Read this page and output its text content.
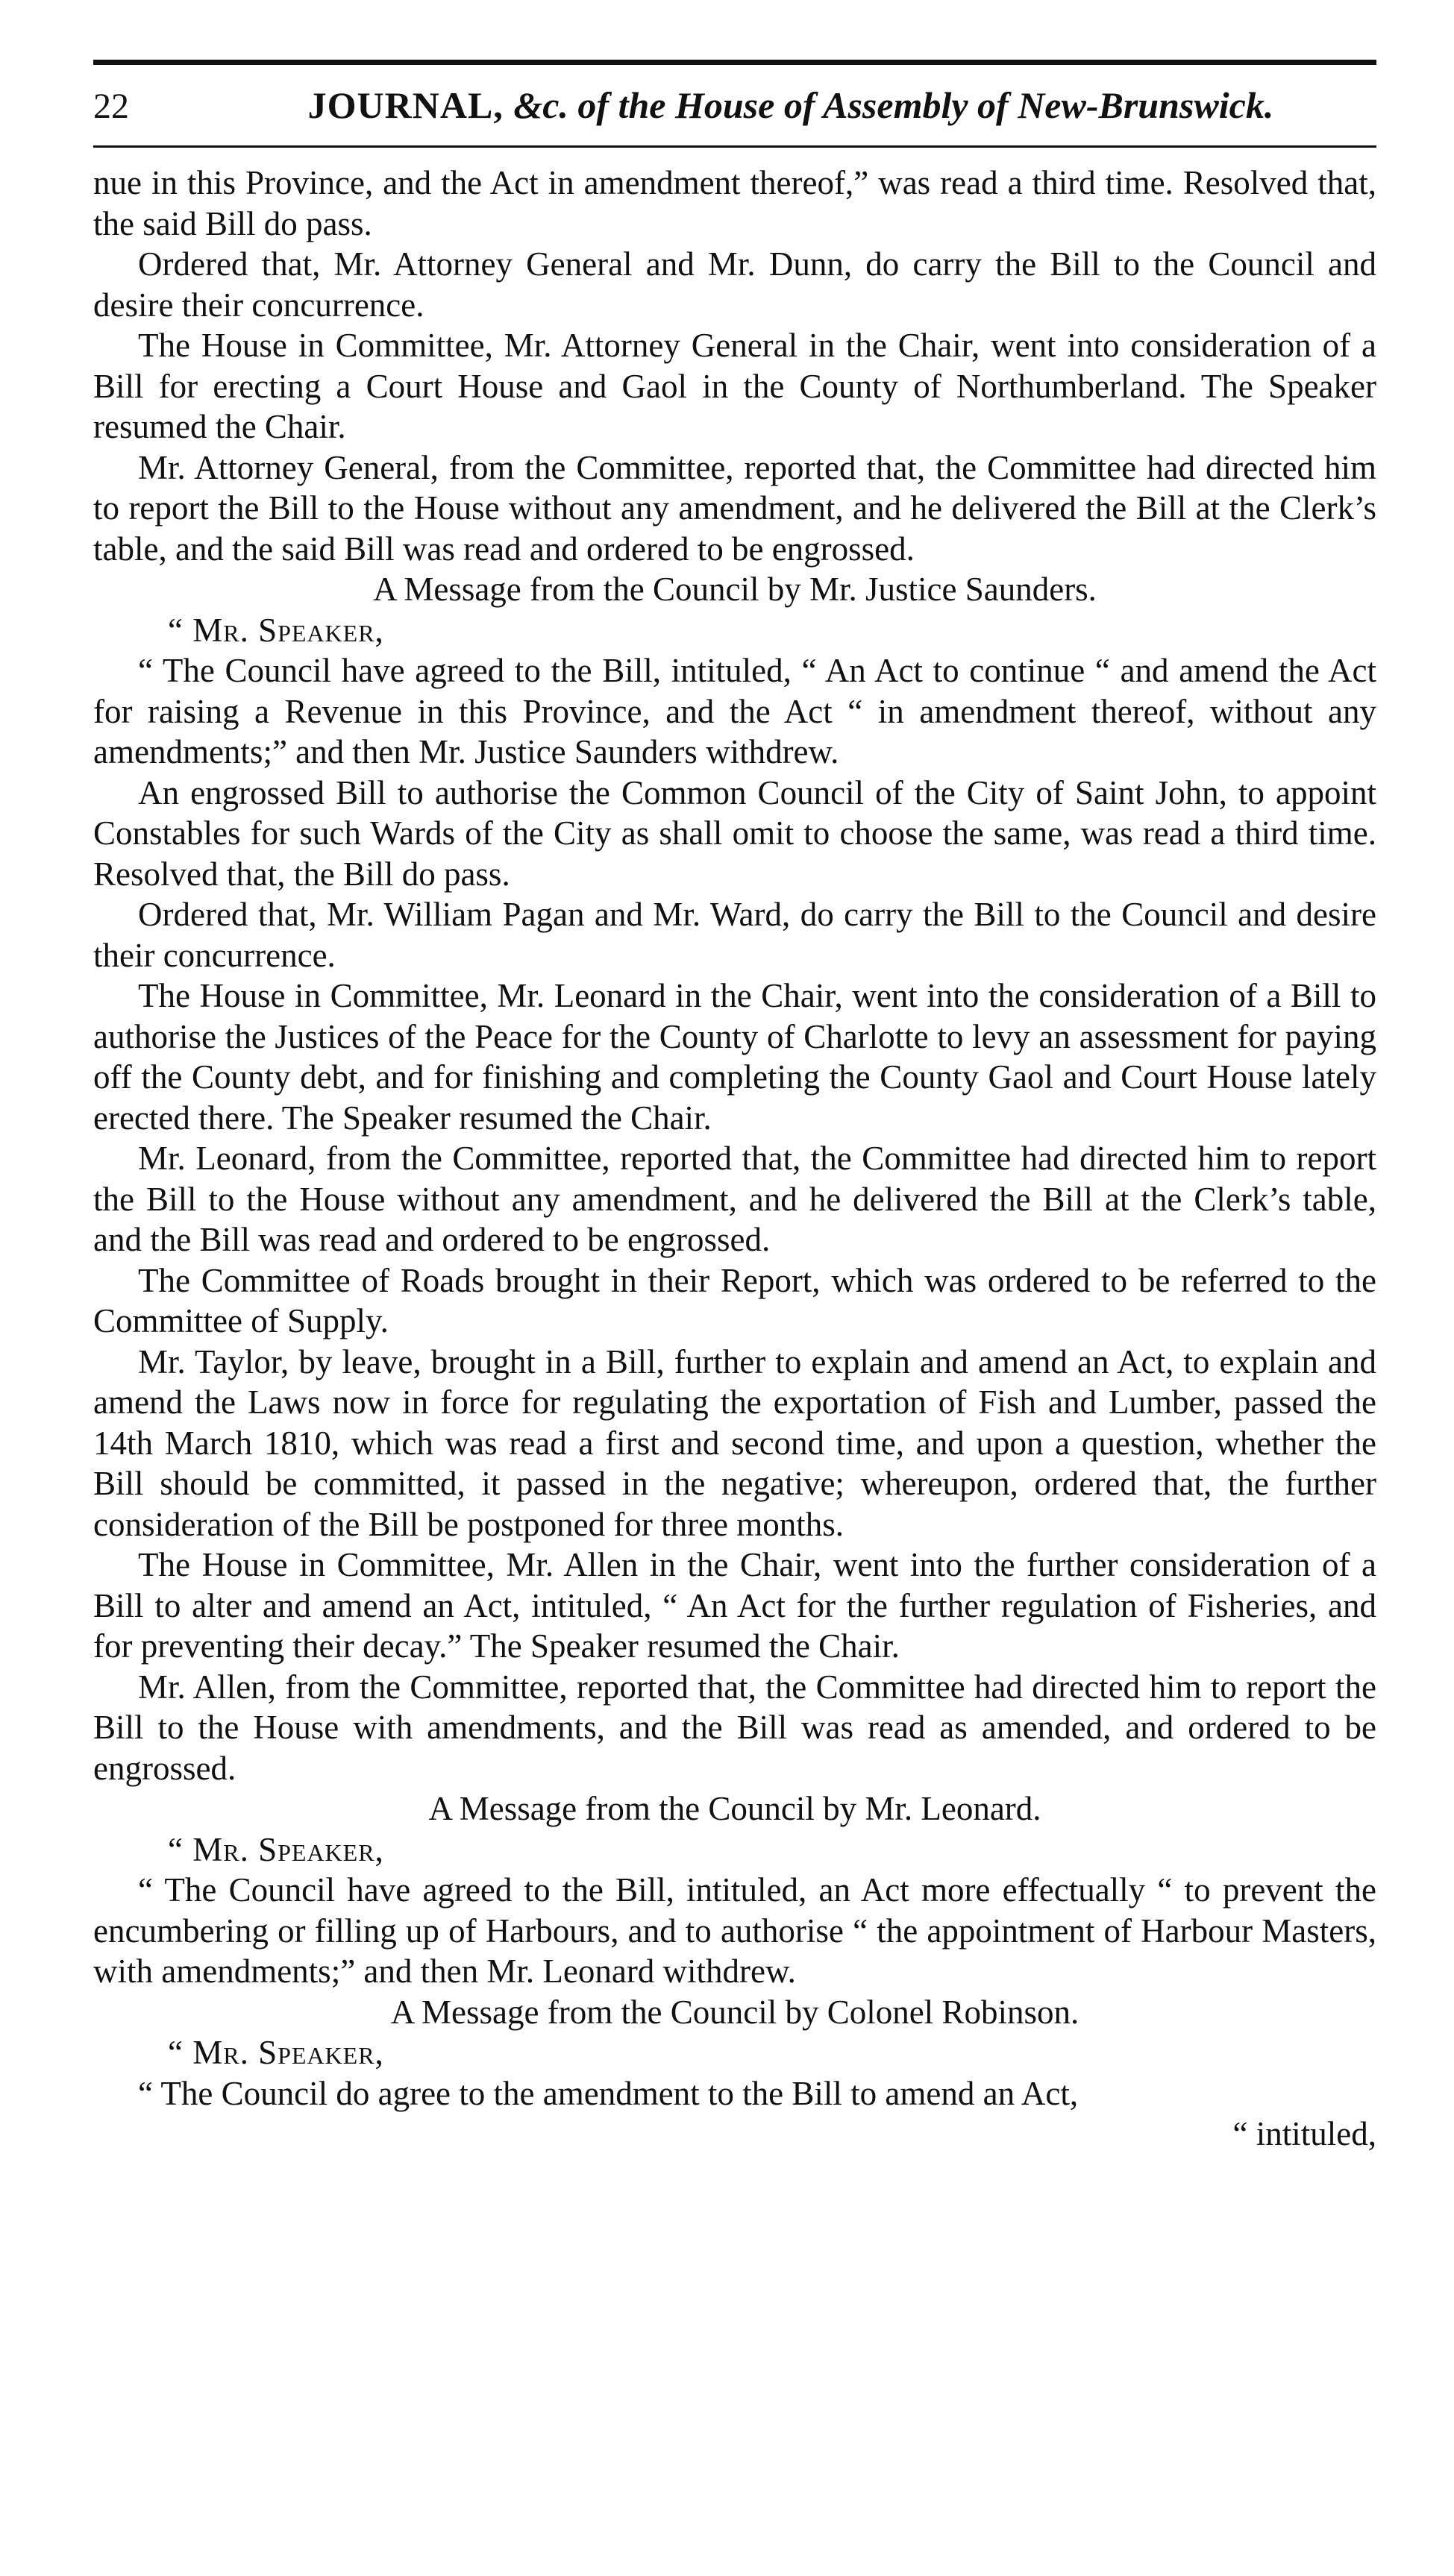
22	JOURNAL, &c. of the House of Assembly of New-Brunswick.

nue in this Province, and the Act in amendment thereof,” was read a third time. Resolved that, the said Bill do pass.

Ordered that, Mr. Attorney General and Mr. Dunn, do carry the Bill to the Council and desire their concurrence.

The House in Committee, Mr. Attorney General in the Chair, went into consideration of a Bill for erecting a Court House and Gaol in the County of Northumberland. The Speaker resumed the Chair.

Mr. Attorney General, from the Committee, reported that, the Committee had directed him to report the Bill to the House without any amendment, and he delivered the Bill at the Clerk’s table, and the said Bill was read and ordered to be engrossed.

A Message from the Council by Mr. Justice Saunders.

“ Mr. Speaker,

“ The Council have agreed to the Bill, intituled, “ An Act to continue “ and amend the Act for raising a Revenue in this Province, and the Act “ in amendment thereof, without any amendments;” and then Mr. Justice Saunders withdrew.

An engrossed Bill to authorise the Common Council of the City of Saint John, to appoint Constables for such Wards of the City as shall omit to choose the same, was read a third time. Resolved that, the Bill do pass.

Ordered that, Mr. William Pagan and Mr. Ward, do carry the Bill to the Council and desire their concurrence.

The House in Committee, Mr. Leonard in the Chair, went into the consideration of a Bill to authorise the Justices of the Peace for the County of Charlotte to levy an assessment for paying off the County debt, and for finishing and completing the County Gaol and Court House lately erected there. The Speaker resumed the Chair.

Mr. Leonard, from the Committee, reported that, the Committee had directed him to report the Bill to the House without any amendment, and he delivered the Bill at the Clerk’s table, and the Bill was read and ordered to be engrossed.

The Committee of Roads brought in their Report, which was ordered to be referred to the Committee of Supply.

Mr. Taylor, by leave, brought in a Bill, further to explain and amend an Act, to explain and amend the Laws now in force for regulating the exportation of Fish and Lumber, passed the 14th March 1810, which was read a first and second time, and upon a question, whether the Bill should be committed, it passed in the negative; whereupon, ordered that, the further consideration of the Bill be postponed for three months.

The House in Committee, Mr. Allen in the Chair, went into the further consideration of a Bill to alter and amend an Act, intituled, “ An Act for the further regulation of Fisheries, and for preventing their decay.” The Speaker resumed the Chair.

Mr. Allen, from the Committee, reported that, the Committee had directed him to report the Bill to the House with amendments, and the Bill was read as amended, and ordered to be engrossed.

A Message from the Council by Mr. Leonard.

“ Mr. Speaker,

“ The Council have agreed to the Bill, intituled, an Act more effectually “ to prevent the encumbering or filling up of Harbours, and to authorise “ the appointment of Harbour Masters, with amendments;” and then Mr. Leonard withdrew.

A Message from the Council by Colonel Robinson.

“ Mr. Speaker,

“ The Council do agree to the amendment to the Bill to amend an Act,

“ intituled,
